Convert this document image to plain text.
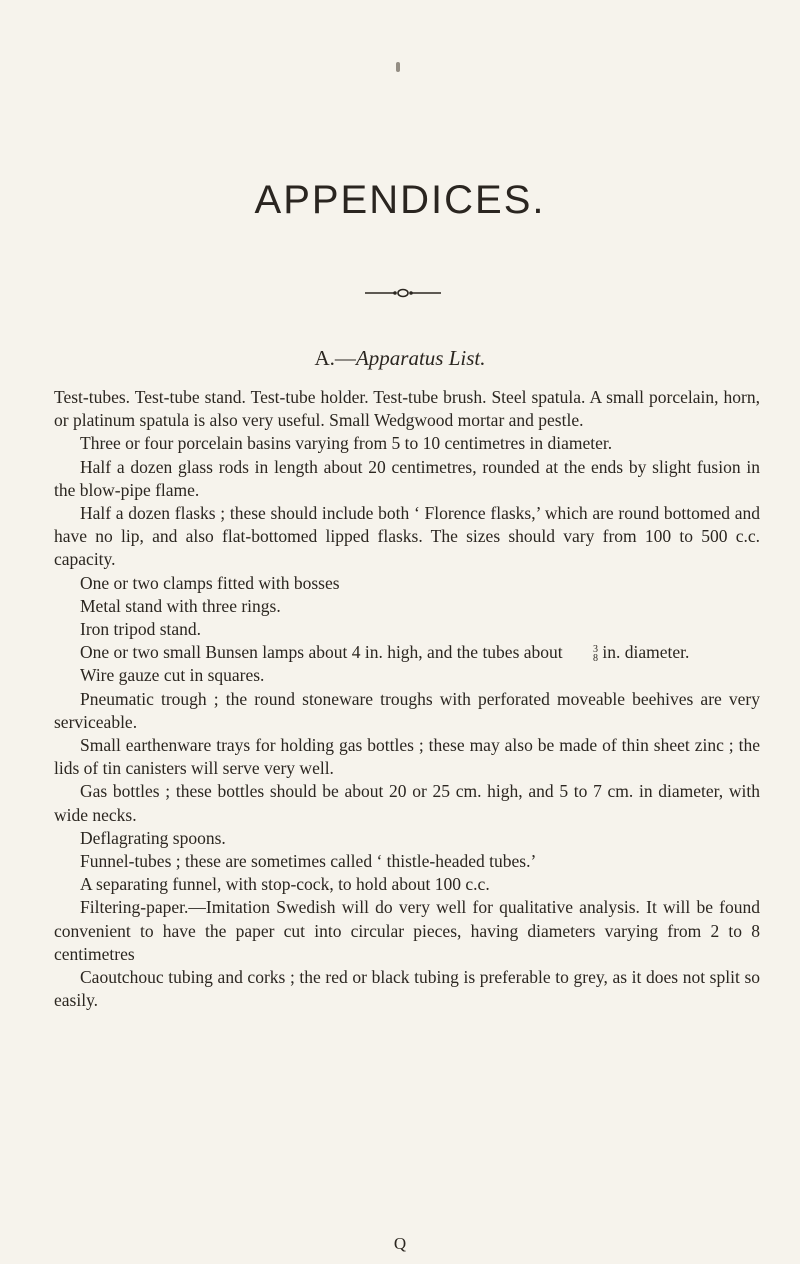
APPENDICES.
A.—Apparatus List.

Test-tubes. Test-tube stand. Test-tube holder. Test-tube brush. Steel spatula. A small porcelain, horn, or platinum spatula is also very useful. Small Wedgwood mortar and pestle.

Three or four porcelain basins varying from 5 to 10 centimetres in diameter.

Half a dozen glass rods in length about 20 centimetres, rounded at the ends by slight fusion in the blow-pipe flame.

Half a dozen flasks ; these should include both ‘ Florence flasks,’ which are round bottomed and have no lip, and also flat-bottomed lipped flasks. The sizes should vary from 100 to 500 c.c. capacity.

One or two clamps fitted with bosses

Metal stand with three rings.

Iron tripod stand.

One or two small Bunsen lamps about 4 in. high, and the tubes about	3
8 in. diameter.

Wire gauze cut in squares.

Pneumatic trough ; the round stoneware troughs with perforated moveable beehives are very serviceable.

Small earthenware trays for holding gas bottles ; these may also be made of thin sheet zinc ; the lids of tin canisters will serve very well.

Gas bottles ; these bottles should be about 20 or 25 cm. high, and 5 to 7 cm. in diameter, with wide necks.

Deflagrating spoons.

Funnel-tubes ; these are sometimes called ‘ thistle-headed tubes.’

A separating funnel, with stop-cock, to hold about 100 c.c.

Filtering-paper.—Imitation Swedish will do very well for qualitative analysis. It will be found convenient to have the paper cut into circular pieces, having diameters varying from 2 to 8 centimetres

Caoutchouc tubing and corks ; the red or black tubing is preferable to grey, as it does not split so easily.

Q
